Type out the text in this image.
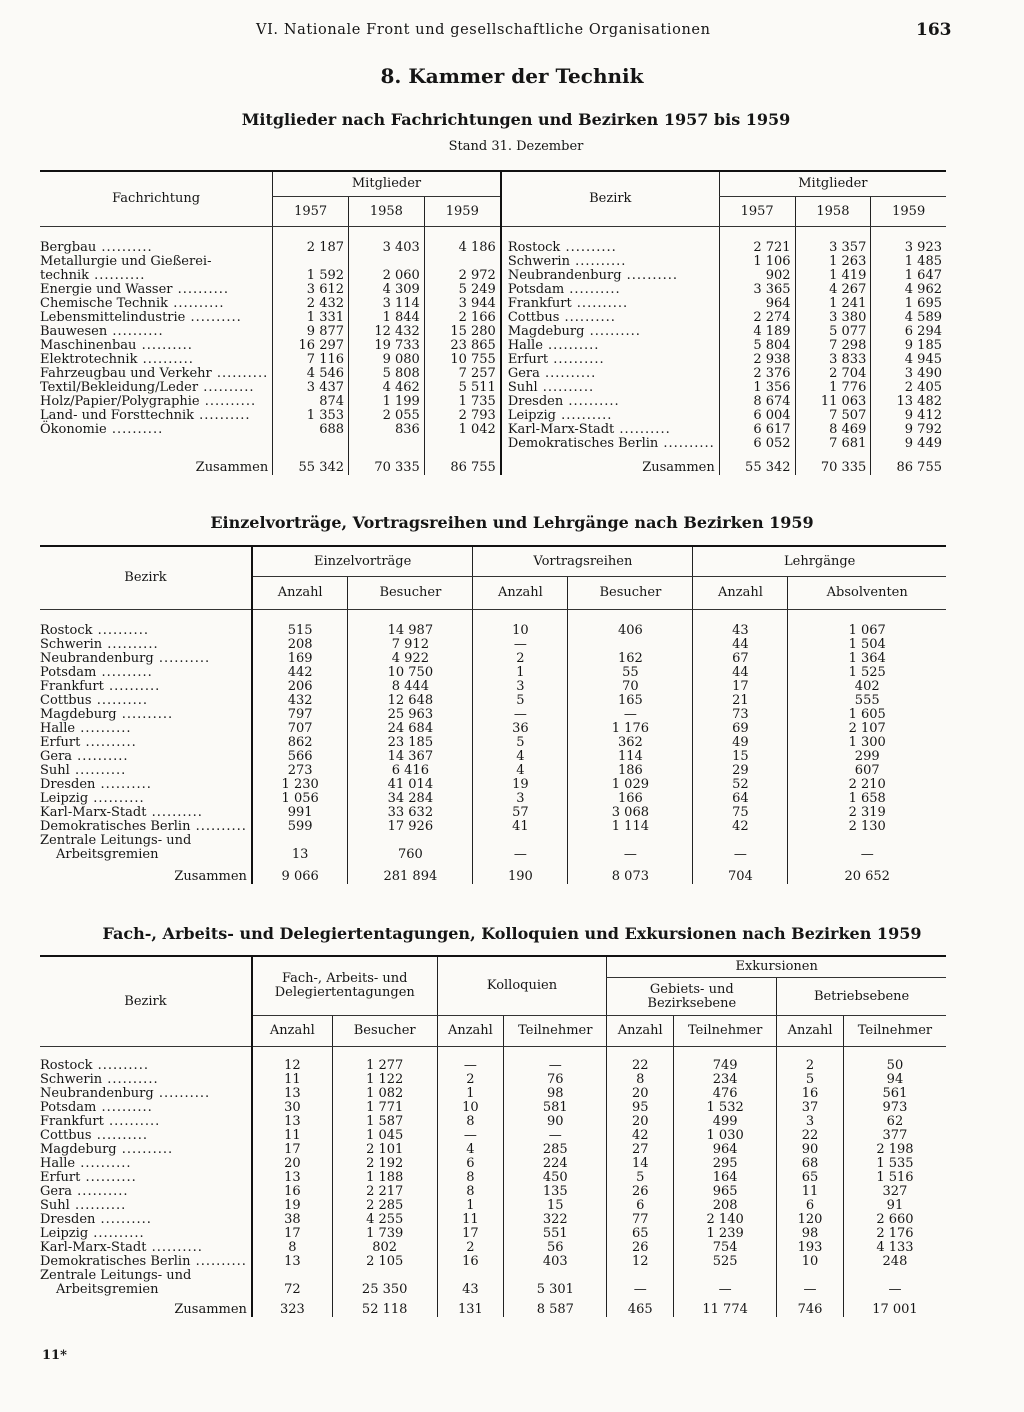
VI. Nationale Front und gesellschaftliche Organisationen	163
8. Kammer der Technik
Mitglieder nach Fachrichtungen und Bezirken 1957 bis 1959
Stand 31. Dezember
Fachrichtung	Mitglieder			Bezirk	Mitglieder		
	1957	1958	1959		1957	1958	1959

Bergbau ..........	2 187	3 403	4 186	Rostock ..........	2 721	3 357	3 923
Metallurgie und Gießerei-				Schwerin ..........	1 106	1 263	1 485
technik ..........	1 592	2 060	2 972	Neubrandenburg ..........	902	1 419	1 647
Energie und Wasser ..........	3 612	4 309	5 249	Potsdam ..........	3 365	4 267	4 962
Chemische Technik ..........	2 432	3 114	3 944	Frankfurt ..........	964	1 241	1 695
Lebensmittelindustrie ..........	1 331	1 844	2 166	Cottbus ..........	2 274	3 380	4 589
Bauwesen ..........	9 877	12 432	15 280	Magdeburg ..........	4 189	5 077	6 294
Maschinenbau ..........	16 297	19 733	23 865	Halle ..........	5 804	7 298	9 185
Elektrotechnik ..........	7 116	9 080	10 755	Erfurt ..........	2 938	3 833	4 945
Fahrzeugbau und Verkehr ..........	4 546	5 808	7 257	Gera ..........	2 376	2 704	3 490
Textil/Bekleidung/Leder ..........	3 437	4 462	5 511	Suhl ..........	1 356	1 776	2 405
Holz/Papier/Polygraphie ..........	874	1 199	1 735	Dresden ..........	8 674	11 063	13 482
Land- und Forsttechnik ..........	1 353	2 055	2 793	Leipzig ..........	6 004	7 507	9 412
Ökonomie ..........	688	836	1 042	Karl-Marx-Stadt ..........	6 617	8 469	9 792
				Demokratisches Berlin ..........	6 052	7 681	9 449

Zusammen	55 342	70 335	86 755	Zusammen	55 342	70 335	86 755
Einzelvorträge, Vortragsreihen und Lehrgänge nach Bezirken 1959
Bezirk	Einzelvorträge		Vortragsreihen		Lehrgänge	
	Anzahl	Besucher	Anzahl	Besucher	Anzahl	Absolventen

Rostock ..........	515	14 987	10	406	43	1 067
Schwerin ..........	208	7 912	—		44	1 504
Neubrandenburg ..........	169	4 922	2	162	67	1 364
Potsdam ..........	442	10 750	1	55	44	1 525
Frankfurt ..........	206	8 444	3	70	17	402
Cottbus ..........	432	12 648	5	165	21	555
Magdeburg ..........	797	25 963	—	—	73	1 605
Halle ..........	707	24 684	36	1 176	69	2 107
Erfurt ..........	862	23 185	5	362	49	1 300
Gera ..........	566	14 367	4	114	15	299
Suhl ..........	273	6 416	4	186	29	607
Dresden ..........	1 230	41 014	19	1 029	52	2 210
Leipzig ..........	1 056	34 284	3	166	64	1 658
Karl-Marx-Stadt ..........	991	33 632	57	3 068	75	2 319
Demokratisches Berlin ..........	599	17 926	41	1 114	42	2 130
Zentrale Leitungs- und
Arbeitsgremien	13	760	—	—	—	—

Zusammen	9 066	281 894	190	8 073	704	20 652
Fach-, Arbeits- und Delegiertentagungen, Kolloquien und Exkursionen nach Bezirken 1959
Bezirk	Fach-, Arbeits- und
Delegiertentagungen		Kolloquien		Exkursionen			
					Gebiets- und
Bezirksebene		Betriebsebene	
	Anzahl	Besucher	Anzahl	Teilnehmer	Anzahl	Teilnehmer	Anzahl	Teilnehmer

Rostock ..........	12	1 277	—	—	22	749	2	50
Schwerin ..........	11	1 122	2	76	8	234	5	94
Neubrandenburg ..........	13	1 082	1	98	20	476	16	561
Potsdam ..........	30	1 771	10	581	95	1 532	37	973
Frankfurt ..........	13	1 587	8	90	20	499	3	62
Cottbus ..........	11	1 045	—	—	42	1 030	22	377
Magdeburg ..........	17	2 101	4	285	27	964	90	2 198
Halle ..........	20	2 192	6	224	14	295	68	1 535
Erfurt ..........	13	1 188	8	450	5	164	65	1 516
Gera ..........	16	2 217	8	135	26	965	11	327
Suhl ..........	19	2 285	1	15	6	208	6	91
Dresden ..........	38	4 255	11	322	77	2 140	120	2 660
Leipzig ..........	17	1 739	17	551	65	1 239	98	2 176
Karl-Marx-Stadt ..........	8	802	2	56	26	754	193	4 133
Demokratisches Berlin ..........	13	2 105	16	403	12	525	10	248
Zentrale Leitungs- und
Arbeitsgremien	72	25 350	43	5 301	—	—	—	—

Zusammen	323	52 118	131	8 587	465	11 774	746	17 001
11*
